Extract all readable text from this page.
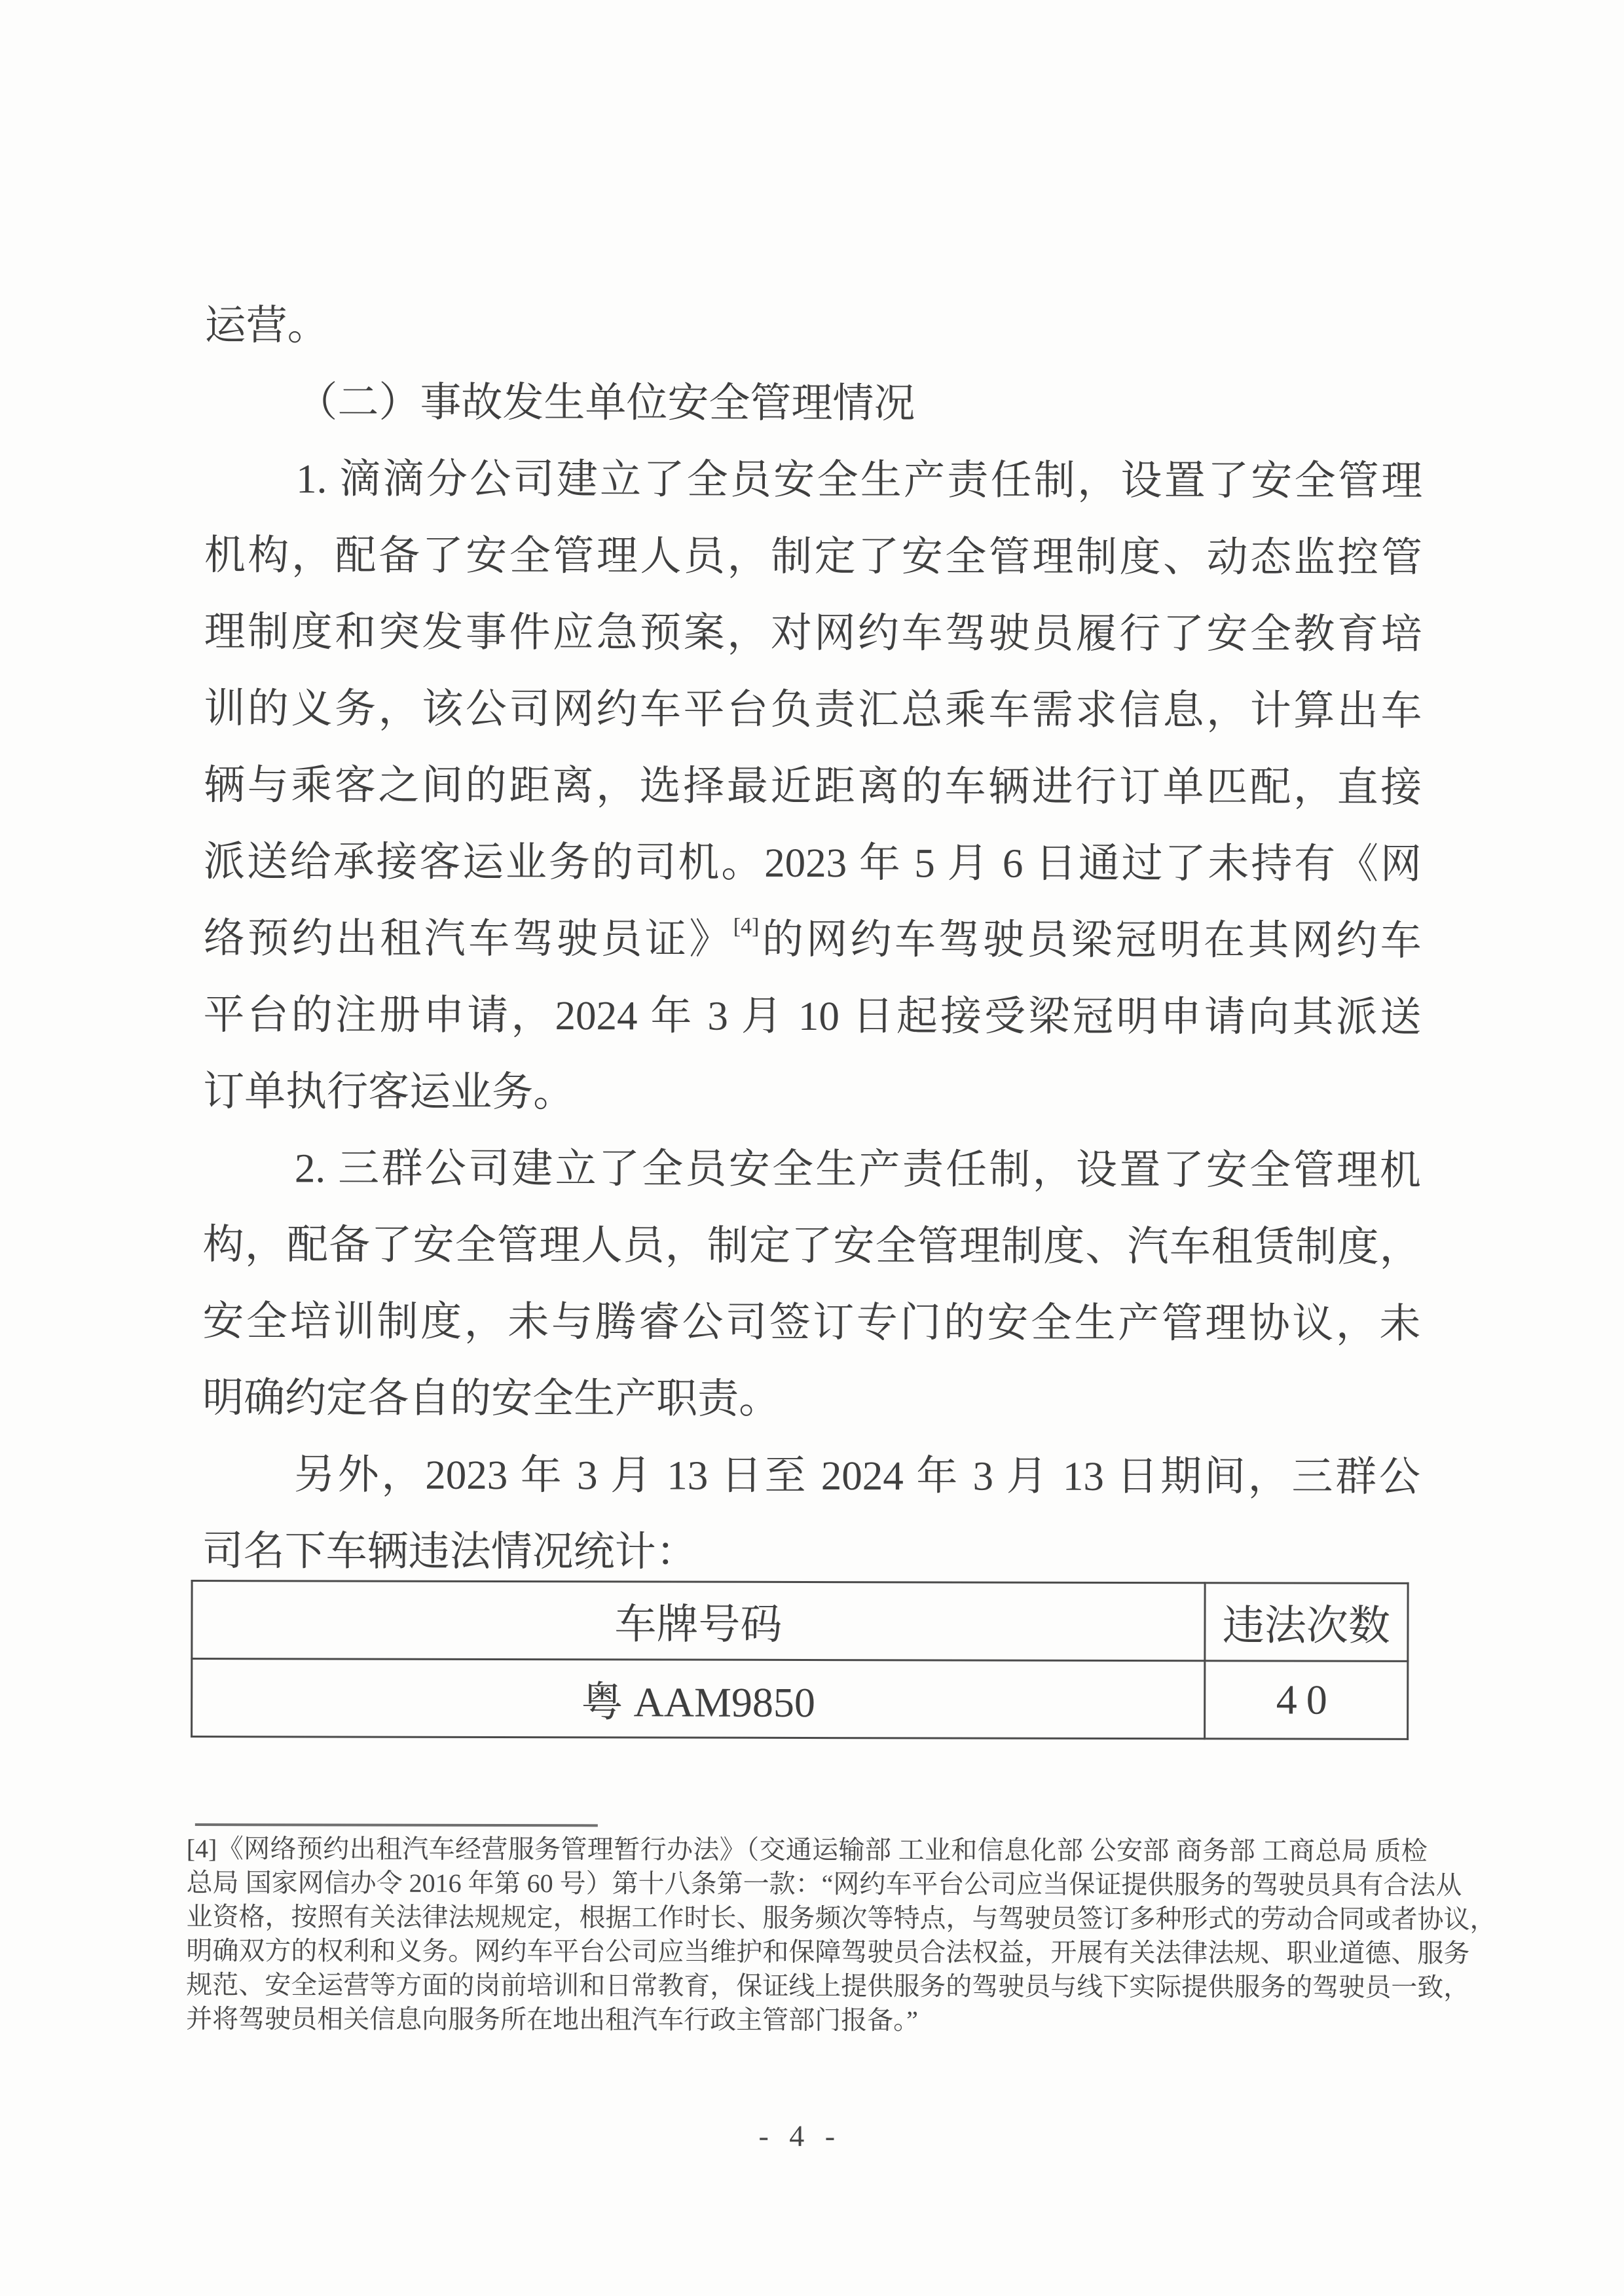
运营。
（二）事故发生单位安全管理情况
1. 滴滴分公司建立了全员安全生产责任制，设置了安全管理
机构，配备了安全管理人员，制定了安全管理制度、动态监控管
理制度和突发事件应急预案，对网约车驾驶员履行了安全教育培
训的义务，该公司网约车平台负责汇总乘车需求信息，计算出车
辆与乘客之间的距离，选择最近距离的车辆进行订单匹配，直接
派送给承接客运业务的司机。2023 年 5 月 6 日通过了未持有《网
络预约出租汽车驾驶员证》[4]的网约车驾驶员梁冠明在其网约车
平台的注册申请，2024 年 3 月 10 日起接受梁冠明申请向其派送
订单执行客运业务。
2. 三群公司建立了全员安全生产责任制，设置了安全管理机
构，配备了安全管理人员，制定了安全管理制度、汽车租赁制度，
安全培训制度，未与腾睿公司签订专门的安全生产管理协议，未
明确约定各自的安全生产职责。
另外，2023 年 3 月 13 日至 2024 年 3 月 13 日期间，三群公
司名下车辆违法情况统计：
车牌号码	违法次数
粤 AAM9850	40
[4]《网络预约出租汽车经营服务管理暂行办法》（交通运输部 工业和信息化部 公安部 商务部 工商总局 质检
总局 国家网信办令 2016 年第 60 号）第十八条第一款：“网约车平台公司应当保证提供服务的驾驶员具有合法从
业资格，按照有关法律法规规定，根据工作时长、服务频次等特点，与驾驶员签订多种形式的劳动合同或者协议，
明确双方的权利和义务。网约车平台公司应当维护和保障驾驶员合法权益，开展有关法律法规、职业道德、服务
规范、安全运营等方面的岗前培训和日常教育，保证线上提供服务的驾驶员与线下实际提供服务的驾驶员一致，
并将驾驶员相关信息向服务所在地出租汽车行政主管部门报备。”
- 4 -
